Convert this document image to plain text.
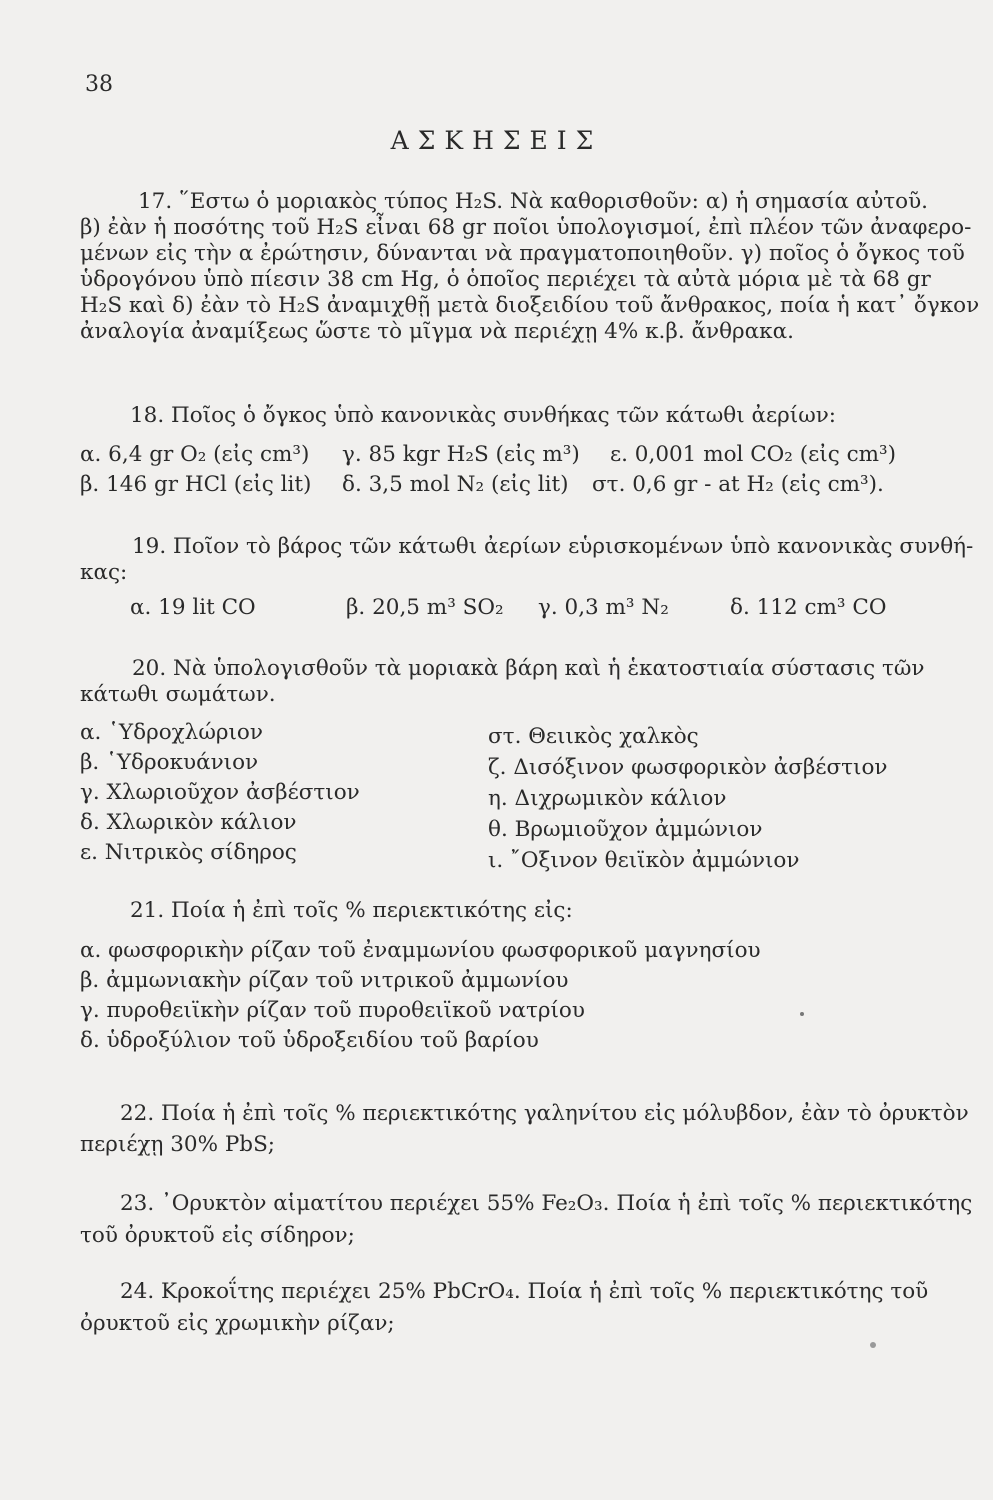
38
ΑΣΚΗΣΕΙΣ
17. ῞Εστω ὁ μοριακὸς τύπος H₂S. Νὰ καθορισθοῦν: α) ἡ σημασία αὐτοῦ.
β) ἐὰν ἡ ποσότης τοῦ H₂S εἶναι 68 gr ποῖοι ὑπολογισμοί, ἐπὶ πλέον τῶν ἀναφερο-
μένων εἰς τὴν α ἐρώτησιν, δύνανται νὰ πραγματοποιηθοῦν. γ) ποῖος ὁ ὄγκος τοῦ
ὑδρογόνου ὑπὸ πίεσιν 38 cm Hg, ὁ ὁποῖος περιέχει τὰ αὐτὰ μόρια μὲ τὰ 68 gr
H₂S καὶ δ) ἐὰν τὸ H₂S ἀναμιχθῇ μετὰ διοξειδίου τοῦ ἄνθρακος, ποία ἡ κατ᾽ ὄγκον
ἀναλογία ἀναμίξεως ὥστε τὸ μῖγμα νὰ περιέχῃ 4% κ.β. ἄνθρακα.
18. Ποῖος ὁ ὄγκος ὑπὸ κανονικὰς συνθήκας τῶν κάτωθι ἀερίων:
α. 6,4 gr O₂ (εἰς cm³) γ. 85 kgr H₂S (εἰς m³) ε. 0,001 mol CO₂ (εἰς cm³)
β. 146 gr HCl (εἰς lit) δ. 3,5 mol N₂ (εἰς lit) στ. 0,6 gr - at H₂ (εἰς cm³).
19. Ποῖον τὸ βάρος τῶν κάτωθι ἀερίων εὑρισκομένων ὑπὸ κανονικὰς συνθή-
κας:
α. 19 lit CO	β. 20,5 m³ SO₂ γ. 0,3 m³ N₂	δ. 112 cm³ CO
20. Νὰ ὑπολογισθοῦν τὰ μοριακὰ βάρη καὶ ἡ ἑκατοστιαία σύστασις τῶν
κάτωθι σωμάτων.
α. ῾Υδροχλώριον
β. ῾Υδροκυάνιον
γ. Χλωριοῦχον ἀσβέστιον
δ. Χλωρικὸν κάλιον
ε. Νιτρικὸς σίδηρος
στ. Θειικὸς χαλκὸς
ζ. Δισόξινον φωσφορικὸν ἀσβέστιον
η. Διχρωμικὸν κάλιον
θ. Βρωμιοῦχον ἀμμώνιον
ι. ῎Οξινον θειϊκὸν ἀμμώνιον
21. Ποία ἡ ἐπὶ τοῖς % περιεκτικότης εἰς:
α. φωσφορικὴν ρίζαν τοῦ ἐναμμωνίου φωσφορικοῦ μαγνησίου
β. ἀμμωνιακὴν ρίζαν τοῦ νιτρικοῦ ἀμμωνίου
γ. πυροθειϊκὴν ρίζαν τοῦ πυροθειϊκοῦ νατρίου
δ. ὑδροξύλιον τοῦ ὑδροξειδίου τοῦ βαρίου
22. Ποία ἡ ἐπὶ τοῖς % περιεκτικότης γαληνίτου εἰς μόλυβδον, ἐὰν τὸ ὀρυκτὸν
περιέχῃ 30% PbS;
23. ᾿Ορυκτὸν αἱματίτου περιέχει 55% Fe₂O₃. Ποία ἡ ἐπὶ τοῖς % περιεκτικότης
τοῦ ὀρυκτοῦ εἰς σίδηρον;
24. Κροκοΐτης περιέχει 25% PbCrO₄. Ποία ἡ ἐπὶ τοῖς % περιεκτικότης τοῦ
ὀρυκτοῦ εἰς χρωμικὴν ρίζαν;
